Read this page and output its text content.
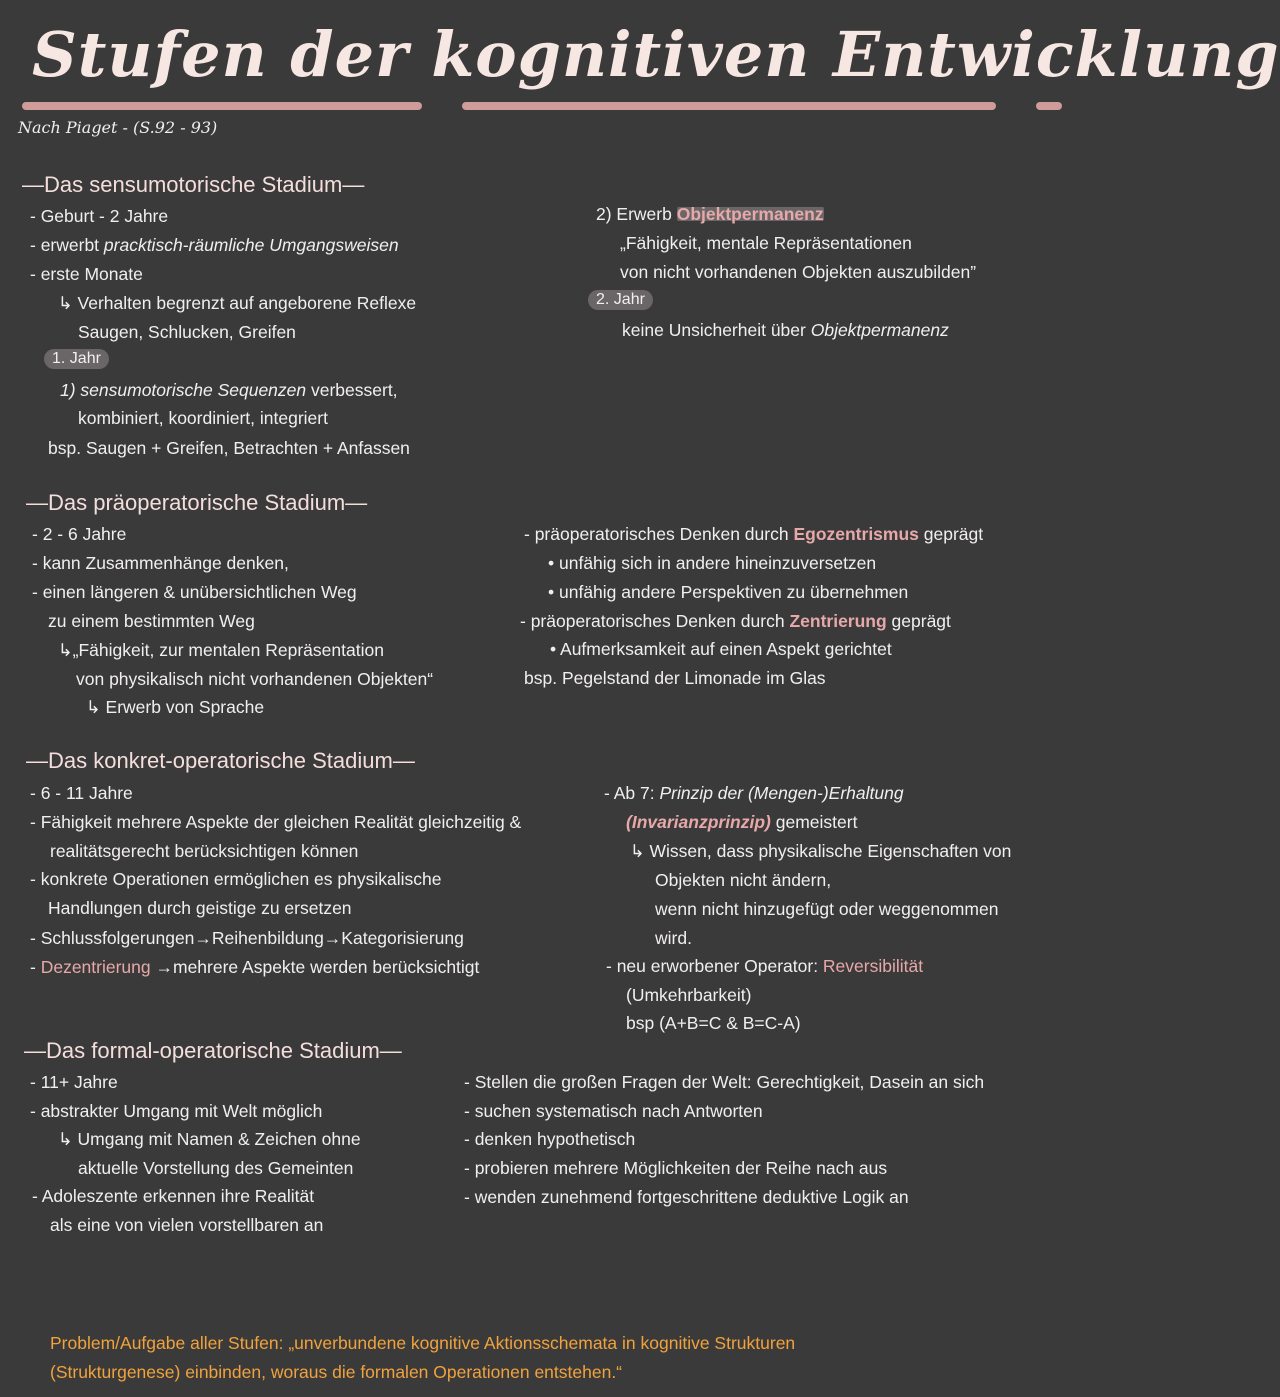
Stufen der kognitiven Entwicklung
Nach Piaget - (S.92 - 93)
—Das sensumotorische Stadium—
- Geburt - 2 Jahre
- erwerbt pracktisch-räumliche Umgangsweisen
- erste Monate
↳ Verhalten begrenzt auf angeborene Reflexe
Saugen, Schlucken, Greifen
1. Jahr
1) sensumotorische Sequenzen verbessert,
kombiniert, koordiniert, integriert
bsp. Saugen + Greifen, Betrachten + Anfassen
2) Erwerb Objektpermanenz
„Fähigkeit, mentale Repräsentationen
von nicht vorhandenen Objekten auszubilden”
2. Jahr
keine Unsicherheit über Objektpermanenz
—Das präoperatorische Stadium—
- 2 - 6 Jahre
- kann Zusammenhänge denken,
- einen längeren & unübersichtlichen Weg
zu einem bestimmten Weg
↳„Fähigkeit, zur mentalen Repräsentation
von physikalisch nicht vorhandenen Objekten“
↳ Erwerb von Sprache
- präoperatorisches Denken durch Egozentrismus geprägt
• unfähig sich in andere hineinzuversetzen
• unfähig andere Perspektiven zu übernehmen
- präoperatorisches Denken durch Zentrierung geprägt
• Aufmerksamkeit auf einen Aspekt gerichtet
bsp. Pegelstand der Limonade im Glas
—Das konkret-operatorische Stadium—
- 6 - 11 Jahre
- Fähigkeit mehrere Aspekte der gleichen Realität gleichzeitig &
realitätsgerecht berücksichtigen können
- konkrete Operationen ermöglichen es physikalische
Handlungen durch geistige zu ersetzen
- Schlussfolgerungen→Reihenbildung→Kategorisierung
- Dezentrierung →mehrere Aspekte werden berücksichtigt
- Ab 7: Prinzip der (Mengen-)Erhaltung
(Invarianzprinzip) gemeistert
↳ Wissen, dass physikalische Eigenschaften von
Objekten nicht ändern,
wenn nicht hinzugefügt oder weggenommen
wird.
- neu erworbener Operator: Reversibilität
(Umkehrbarkeit)
bsp (A+B=C & B=C-A)
—Das formal-operatorische Stadium—
- 11+ Jahre
- abstrakter Umgang mit Welt möglich
↳ Umgang mit Namen & Zeichen ohne
aktuelle Vorstellung des Gemeinten
- Adoleszente erkennen ihre Realität
als eine von vielen vorstellbaren an
- Stellen die großen Fragen der Welt: Gerechtigkeit, Dasein an sich
- suchen systematisch nach Antworten
- denken hypothetisch
- probieren mehrere Möglichkeiten der Reihe nach aus
- wenden zunehmend fortgeschrittene deduktive Logik an
Problem/Aufgabe aller Stufen: „unverbundene kognitive Aktionsschemata in kognitive Strukturen
(Strukturgenese) einbinden, woraus die formalen Operationen entstehen.“
